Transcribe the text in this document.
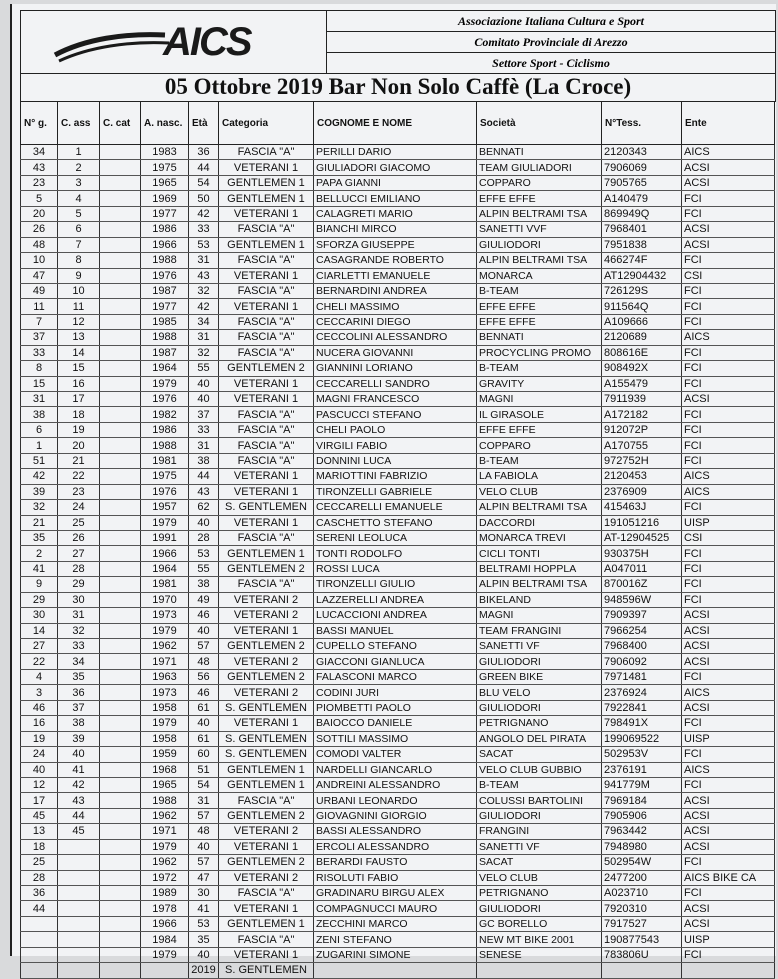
AICS	Associazione Italiana Cultura e Sport
Comitato Provinciale di Arezzo
Settore Sport - Ciclismo
05 Ottobre 2019 Bar Non Solo Caffè (La Croce)
N° g.	C. ass	C. cat	A. nasc.	Età	Categoria	COGNOME E NOME	Società	N°Tess.	Ente
34	1		1983	36	FASCIA "A"	PERILLI DARIO	BENNATI	2120343	AICS
43	2		1975	44	VETERANI 1	GIULIADORI GIACOMO	TEAM GIULIADORI	7906069	ACSI
23	3		1965	54	GENTLEMEN 1	PAPA GIANNI	COPPARO	7905765	ACSI
5	4		1969	50	GENTLEMEN 1	BELLUCCI EMILIANO	EFFE EFFE	A140479	FCI
20	5		1977	42	VETERANI 1	CALAGRETI MARIO	ALPIN BELTRAMI TSA	869949Q	FCI
26	6		1986	33	FASCIA "A"	BIANCHI MIRCO	SANETTI VVF	7968401	ACSI
48	7		1966	53	GENTLEMEN 1	SFORZA GIUSEPPE	GIULIODORI	7951838	ACSI
10	8		1988	31	FASCIA "A"	CASAGRANDE ROBERTO	ALPIN BELTRAMI TSA	466274F	FCI
47	9		1976	43	VETERANI 1	CIARLETTI EMANUELE	MONARCA	AT12904432	CSI
49	10		1987	32	FASCIA "A"	BERNARDINI ANDREA	B-TEAM	726129S	FCI
11	11		1977	42	VETERANI 1	CHELI MASSIMO	EFFE EFFE	911564Q	FCI
7	12		1985	34	FASCIA "A"	CECCARINI DIEGO	EFFE EFFE	A109666	FCI
37	13		1988	31	FASCIA "A"	CECCOLINI ALESSANDRO	BENNATI	2120689	AICS
33	14		1987	32	FASCIA "A"	NUCERA GIOVANNI	PROCYCLING PROMO	808616E	FCI
8	15		1964	55	GENTLEMEN 2	GIANNINI LORIANO	B-TEAM	908492X	FCI
15	16		1979	40	VETERANI 1	CECCARELLI SANDRO	GRAVITY	A155479	FCI
31	17		1976	40	VETERANI 1	MAGNI FRANCESCO	MAGNI	7911939	ACSI
38	18		1982	37	FASCIA "A"	PASCUCCI STEFANO	IL GIRASOLE	A172182	FCI
6	19		1986	33	FASCIA "A"	CHELI PAOLO	EFFE EFFE	912072P	FCI
1	20		1988	31	FASCIA "A"	VIRGILI FABIO	COPPARO	A170755	FCI
51	21		1981	38	FASCIA "A"	DONNINI LUCA	B-TEAM	972752H	FCI
42	22		1975	44	VETERANI 1	MARIOTTINI FABRIZIO	LA FABIOLA	2120453	AICS
39	23		1976	43	VETERANI 1	TIRONZELLI GABRIELE	VELO CLUB	2376909	AICS
32	24		1957	62	S. GENTLEMEN	CECCARELLI EMANUELE	ALPIN BELTRAMI TSA	415463J	FCI
21	25		1979	40	VETERANI 1	CASCHETTO STEFANO	DACCORDI	191051216	UISP
35	26		1991	28	FASCIA "A"	SERENI LEOLUCA	MONARCA TREVI	AT-12904525	CSI
2	27		1966	53	GENTLEMEN 1	TONTI RODOLFO	CICLI TONTI	930375H	FCI
41	28		1964	55	GENTLEMEN 2	ROSSI LUCA	BELTRAMI HOPPLA	A047011	FCI
9	29		1981	38	FASCIA "A"	TIRONZELLI GIULIO	ALPIN BELTRAMI TSA	870016Z	FCI
29	30		1970	49	VETERANI 2	LAZZERELLI ANDREA	BIKELAND	948596W	FCI
30	31		1973	46	VETERANI 2	LUCACCIONI ANDREA	MAGNI	7909397	ACSI
14	32		1979	40	VETERANI 1	BASSI MANUEL	TEAM FRANGINI	7966254	ACSI
27	33		1962	57	GENTLEMEN 2	CUPELLO STEFANO	SANETTI VF	7968400	ACSI
22	34		1971	48	VETERANI 2	GIACCONI GIANLUCA	GIULIODORI	7906092	ACSI
4	35		1963	56	GENTLEMEN 2	FALASCONI MARCO	GREEN BIKE	7971481	FCI
3	36		1973	46	VETERANI 2	CODINI JURI	BLU VELO	2376924	AICS
46	37		1958	61	S. GENTLEMEN	PIOMBETTI PAOLO	GIULIODORI	7922841	ACSI
16	38		1979	40	VETERANI 1	BAIOCCO DANIELE	PETRIGNANO	798491X	FCI
19	39		1958	61	S. GENTLEMEN	SOTTILI MASSIMO	ANGOLO DEL PIRATA	199069522	UISP
24	40		1959	60	S. GENTLEMEN	COMODI VALTER	SACAT	502953V	FCI
40	41		1968	51	GENTLEMEN 1	NARDELLI GIANCARLO	VELO CLUB GUBBIO	2376191	AICS
12	42		1965	54	GENTLEMEN 1	ANDREINI ALESSANDRO	B-TEAM	941779M	FCI
17	43		1988	31	FASCIA "A"	URBANI LEONARDO	COLUSSI BARTOLINI	7969184	ACSI
45	44		1962	57	GENTLEMEN 2	GIOVAGNINI GIORGIO	GIULIODORI	7905906	ACSI
13	45		1971	48	VETERANI 2	BASSI ALESSANDRO	FRANGINI	7963442	ACSI
18			1979	40	VETERANI 1	ERCOLI ALESSANDRO	SANETTI VF	7948980	ACSI
25			1962	57	GENTLEMEN 2	BERARDI FAUSTO	SACAT	502954W	FCI
28			1972	47	VETERANI 2	RISOLUTI FABIO	VELO CLUB	2477200	AICS BIKE CA
36			1989	30	FASCIA "A"	GRADINARU BIRGU ALEX	PETRIGNANO	A023710	FCI
44			1978	41	VETERANI 1	COMPAGNUCCI MAURO	GIULIODORI	7920310	ACSI
			1966	53	GENTLEMEN 1	ZECCHINI MARCO	GC BORELLO	7917527	ACSI
			1984	35	FASCIA "A"	ZENI STEFANO	NEW MT BIKE 2001	190877543	UISP
			1979	40	VETERANI 1	ZUGARINI SIMONE	SENESE	783806U	FCI
				2019	S. GENTLEMEN				
